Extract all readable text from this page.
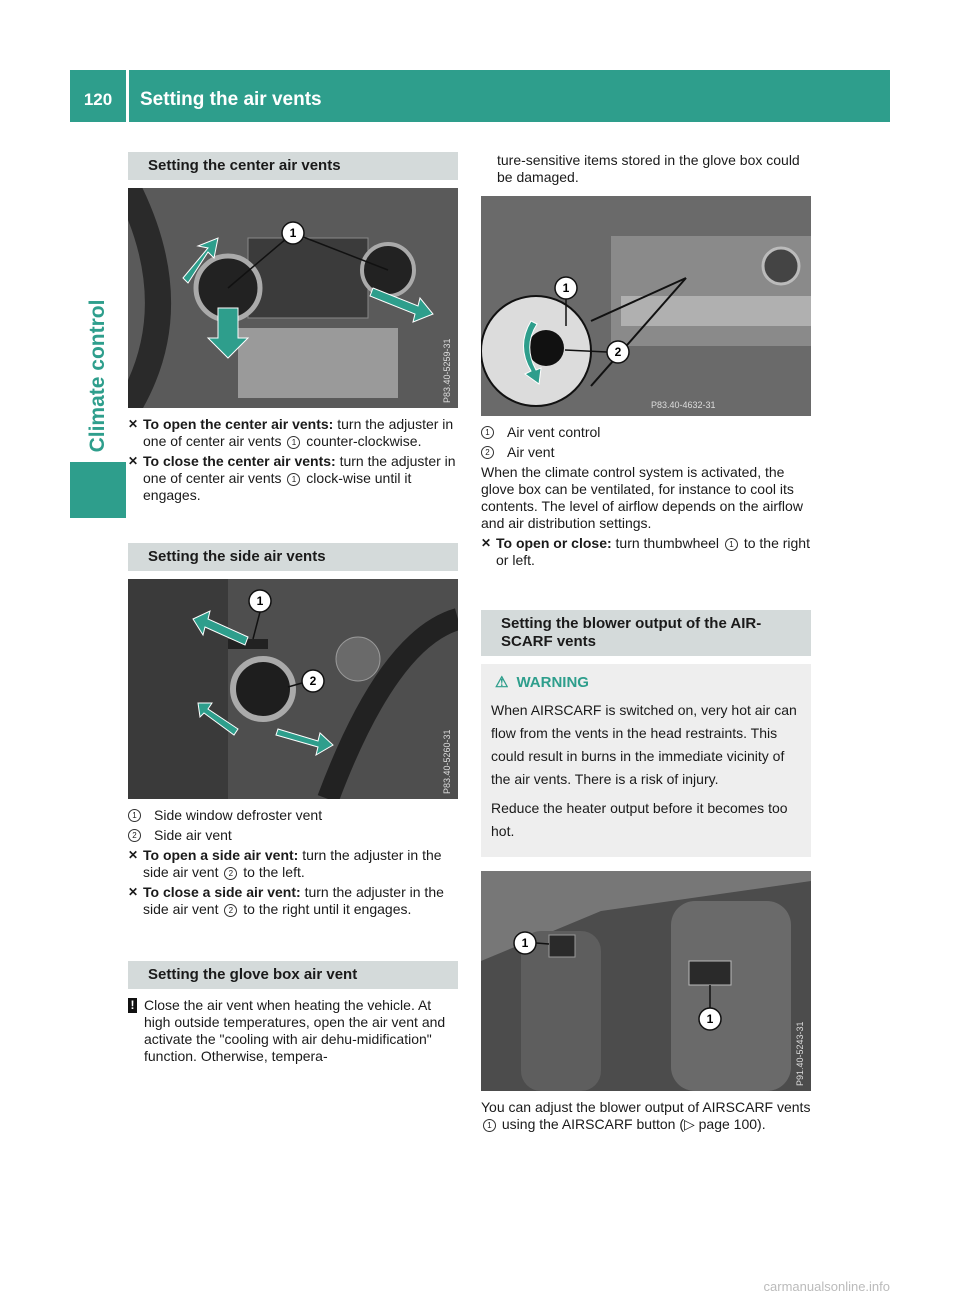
120	Setting the air vents
Climate control
Setting the center air vents
1
P83.40-5259-31
✕ To open the center air vents: turn the adjuster in one of center air vents 1 counter-clockwise.
✕ To close the center air vents: turn the adjuster in one of center air vents 1 clock-wise until it engages.
Setting the side air vents
1
2
P83.40-5260-31
1	Side window defroster vent
2	Side air vent
✕ To open a side air vent: turn the adjuster in the side air vent 2 to the left.
✕ To close a side air vent: turn the adjuster in the side air vent 2 to the right until it engages.
Setting the glove box air vent
! Close the air vent when heating the vehicle. At high outside temperatures, open the air vent and activate the "cooling with air dehu-midification" function. Otherwise, tempera-

ture-sensitive items stored in the glove box could be damaged.

1
2
P83.40-4632-31
1	Air vent control
2	Air vent

When the climate control system is activated, the glove box can be ventilated, for instance to cool its contents. The level of airflow depends on the airflow and air distribution settings.

✕ To open or close: turn thumbwheel 1 to the right or left.
Setting the blower output of the AIR-SCARF vents
⚠ WARNING

When AIRSCARF is switched on, very hot air can flow from the vents in the head restraints. This could result in burns in the immediate vicinity of the air vents. There is a risk of injury.

Reduce the heater output before it becomes too hot.

1
1
P91.40-5243-31

You can adjust the blower output of AIRSCARF vents 1 using the AIRSCARF button (▷ page 100).

carmanualsonline.info
